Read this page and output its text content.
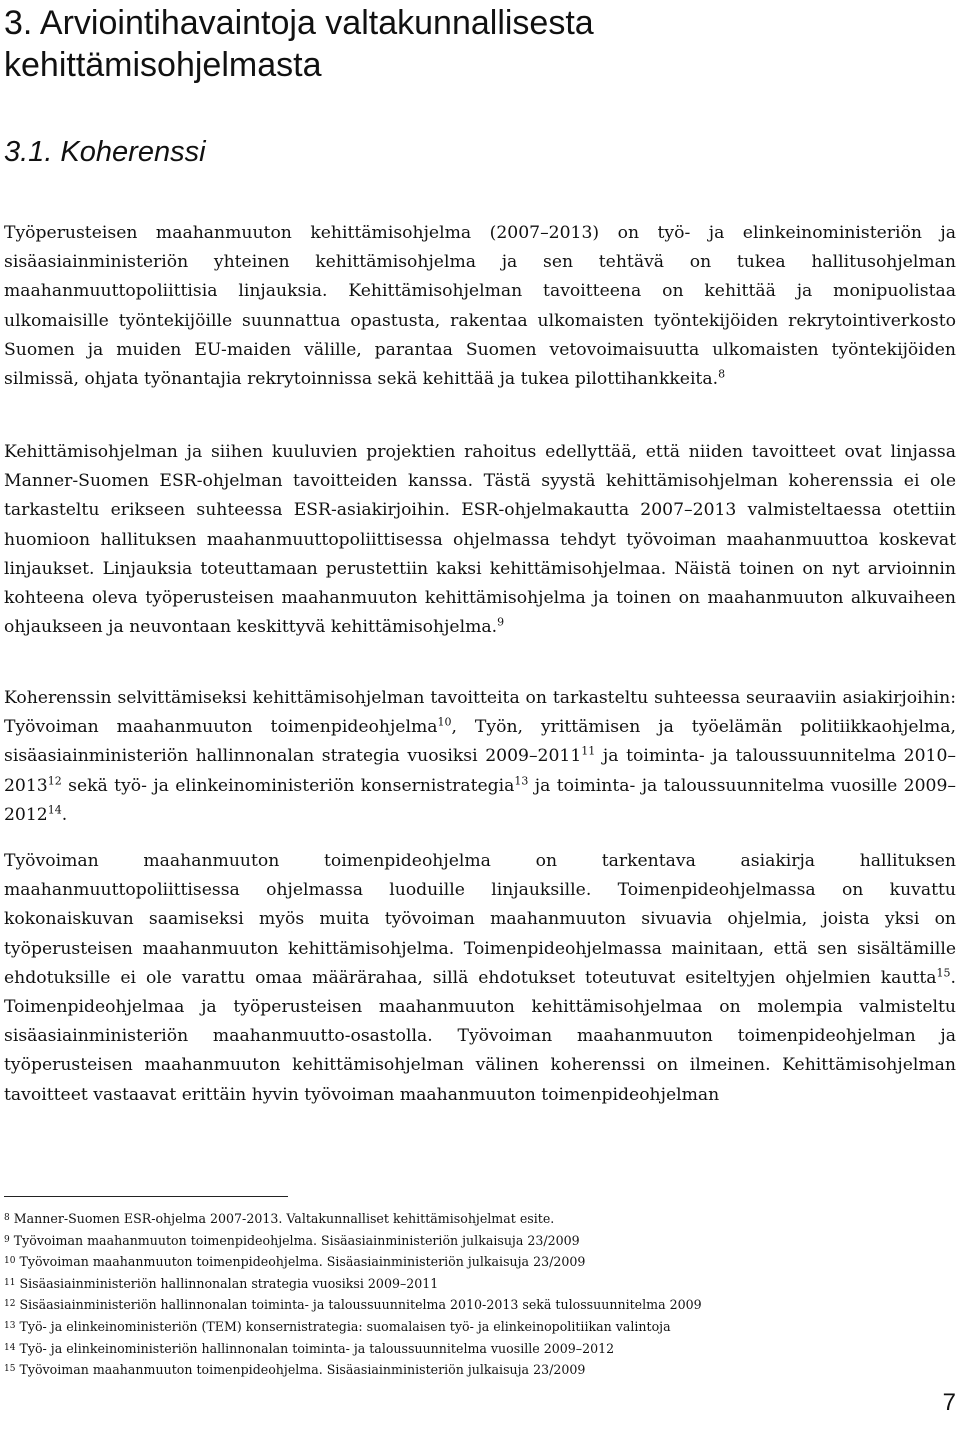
3. Arviointihavaintoja valtakunnallisesta
kehittämisohjelmasta
3.1. Koherenssi

Työperusteisen maahanmuuton kehittämisohjelma (2007–2013) on työ- ja elinkeinoministeriön ja sisäasiainministeriön yhteinen kehittämisohjelma ja sen tehtävä on tukea hallitusohjelman maahanmuuttopoliittisia linjauksia. Kehittämisohjelman tavoitteena on kehittää ja monipuolistaa ulkomaisille työntekijöille suunnattua opastusta, rakentaa ulkomaisten työntekijöiden rekrytointiverkosto Suomen ja muiden EU-maiden välille, parantaa Suomen vetovoimaisuutta ulkomaisten työntekijöiden silmissä, ohjata työnantajia rekrytoinnissa sekä kehittää ja tukea pilottihankkeita.$^8$

Kehittämisohjelman ja siihen kuuluvien projektien rahoitus edellyttää, että niiden tavoitteet ovat linjassa Manner-Suomen ESR-ohjelman tavoitteiden kanssa. Tästä syystä kehittämisohjelman koherenssia ei ole tarkasteltu erikseen suhteessa ESR-asiakirjoihin. ESR-ohjelmakautta 2007–2013 valmisteltaessa otettiin huomioon hallituksen maahanmuuttopoliittisessa ohjelmassa tehdyt työvoiman maahanmuuttoa koskevat linjaukset. Linjauksia toteuttamaan perustettiin kaksi kehittämisohjelmaa. Näistä toinen on nyt arvioinnin kohteena oleva työperusteisen maahanmuuton kehittämisohjelma ja toinen on maahanmuuton alkuvaiheen ohjaukseen ja neuvontaan keskittyvä kehittämisohjelma.$^9$

Koherenssin selvittämiseksi kehittämisohjelman tavoitteita on tarkasteltu suhteessa seuraaviin asiakirjoihin: Työvoiman maahanmuuton toimenpideohjelma$^{10}$, Työn, yrittämisen ja työelämän politiikkaohjelma, sisäasiainministeriön hallinnonalan strategia vuosiksi 2009–2011$^{11}$ ja toiminta- ja taloussuunnitelma 2010–2013$^{12}$ sekä työ- ja elinkeinoministeriön konsernistrategia$^{13}$ ja toiminta- ja taloussuunnitelma vuosille 2009–2012$^{14}$.

Työvoiman maahanmuuton toimenpideohjelma on tarkentava asiakirja hallituksen maahanmuuttopoliittisessa ohjelmassa luoduille linjauksille. Toimenpideohjelmassa on kuvattu kokonaiskuvan saamiseksi myös muita työvoiman maahanmuuton sivuavia ohjelmia, joista yksi on työperusteisen maahanmuuton kehittämisohjelma. Toimenpideohjelmassa mainitaan, että sen sisältämille ehdotuksille ei ole varattu omaa määrärahaa, sillä ehdotukset toteutuvat esiteltyjen ohjelmien kautta$^{15}$. Toimenpideohjelmaa ja työperusteisen maahanmuuton kehittämisohjelmaa on molempia valmisteltu sisäasiainministeriön maahanmuutto-osastolla. Työvoiman maahanmuuton toimenpideohjelman ja työperusteisen maahanmuuton kehittämisohjelman välinen koherenssi on ilmeinen. Kehittämisohjelman tavoitteet vastaavat erittäin hyvin työvoiman maahanmuuton toimenpideohjelman

$^8$ Manner-Suomen ESR-ohjelma 2007-2013. Valtakunnalliset kehittämisohjelmat esite.
$^9$ Työvoiman maahanmuuton toimenpideohjelma. Sisäasiainministeriön julkaisuja 23/2009
$^{10}$ Työvoiman maahanmuuton toimenpideohjelma. Sisäasiainministeriön julkaisuja 23/2009
$^{11}$ Sisäasiainministeriön hallinnonalan strategia vuosiksi 2009–2011
$^{12}$ Sisäasiainministeriön hallinnonalan toiminta- ja taloussuunnitelma 2010-2013 sekä tulossuunnitelma 2009
$^{13}$ Työ- ja elinkeinoministeriön (TEM) konsernistrategia: suomalaisen työ- ja elinkeinopolitiikan valintoja
$^{14}$ Työ- ja elinkeinoministeriön hallinnonalan toiminta- ja taloussuunnitelma vuosille 2009–2012
$^{15}$ Työvoiman maahanmuuton toimenpideohjelma. Sisäasiainministeriön julkaisuja 23/2009
7
